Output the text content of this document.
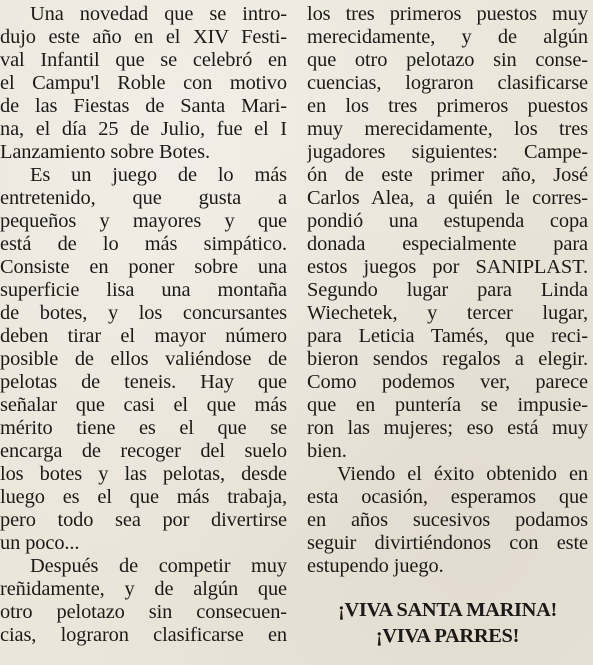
Una novedad que se intro-
dujo este año en el XIV Festi-
val Infantil que se celebró en
el Campu'l Roble con motivo
de las Fiestas de Santa Mari-
na, el día 25 de Julio, fue el I
Lanzamiento sobre Botes.
Es un juego de lo más
entretenido, que gusta a
pequeños y mayores y que
está de lo más simpático.
Consiste en poner sobre una
superficie lisa una montaña
de botes, y los concursantes
deben tirar el mayor número
posible de ellos valiéndose de
pelotas de teneis. Hay que
señalar que casi el que más
mérito tiene es el que se
encarga de recoger del suelo
los botes y las pelotas, desde
luego es el que más trabaja,
pero todo sea por divertirse
un poco...
Después de competir muy
reñidamente, y de algún que
otro pelotazo sin consecuen-
cias, lograron clasificarse en
los tres primeros puestos muy
merecidamente, y de algún
que otro pelotazo sin conse-
cuencias, lograron clasificarse
en los tres primeros puestos
muy merecidamente, los tres
jugadores siguientes: Campe-
ón de este primer año, José
Carlos Alea, a quién le corres-
pondió una estupenda copa
donada especialmente para
estos juegos por SANIPLAST.
Segundo lugar para Linda
Wiechetek, y tercer lugar,
para Leticia Tamés, que reci-
bieron sendos regalos a elegir.
Como podemos ver, parece
que en puntería se impusie-
ron las mujeres; eso está muy
bien.
Viendo el éxito obtenido en
esta ocasión, esperamos que
en años sucesivos podamos
seguir divirtiéndonos con este
estupendo juego.
¡VIVA SANTA MARINA!
¡VIVA PARRES!
